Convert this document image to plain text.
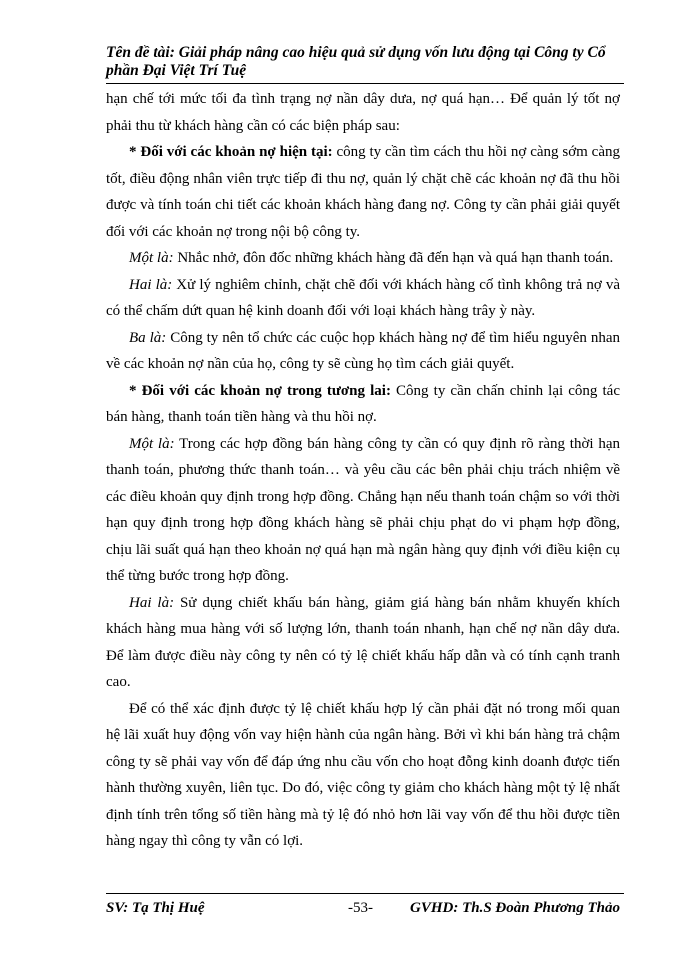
Tên đề tài: Giải pháp nâng cao hiệu quả sử dụng vốn lưu động tại Công ty Cổ phần Đại Việt Trí Tuệ

hạn chế tới mức tối đa tình trạng nợ nần dây dưa, nợ quá hạn… Để quản lý tốt nợ phải thu từ khách hàng cần có các biện pháp sau:

* Đối với các khoản nợ hiện tại: công ty cần tìm cách thu hồi nợ càng sớm càng tốt, điều động nhân viên trực tiếp đi thu nợ, quản lý chặt chẽ các khoản nợ đã thu hồi được và tính toán chi tiết các khoản khách hàng đang nợ. Công ty cần phải giải quyết đối với các khoản nợ trong nội bộ công ty.

Một là: Nhắc nhở, đôn đốc những khách hàng đã đến hạn và quá hạn thanh toán.

Hai là: Xử lý nghiêm chỉnh, chặt chẽ đối với khách hàng cố tình không trả nợ và có thể chấm dứt quan hệ kinh doanh đối với loại khách hàng trây ỳ này.

Ba là: Công ty nên tổ chức các cuộc họp khách hàng nợ để tìm hiểu nguyên nhan về các khoản nợ nần của họ, công ty sẽ cùng họ tìm cách giải quyết.

* Đối với các khoản nợ trong tương lai: Công ty cần chấn chỉnh lại công tác bán hàng, thanh toán tiền hàng và thu hồi nợ.

Một là: Trong các hợp đồng bán hàng công ty cần có quy định rõ ràng thời hạn thanh toán, phương thức thanh toán… và yêu cầu các bên phải chịu trách nhiệm về các điều khoản quy định trong hợp đồng. Chẳng hạn nếu thanh toán chậm so với thời hạn quy định trong hợp đồng khách hàng sẽ phải chịu phạt do vi phạm hợp đồng, chịu lãi suất quá hạn theo khoản nợ quá hạn mà ngân hàng quy định với điều kiện cụ thể từng bước trong hợp đồng.

Hai là: Sử dụng chiết khấu bán hàng, giảm giá hàng bán nhằm khuyến khích khách hàng mua hàng với số lượng lớn, thanh toán nhanh, hạn chế nợ nần dây dưa. Để làm được điều này công ty nên có tỷ lệ chiết khấu hấp dẫn và có tính cạnh tranh cao.

Để có thể xác định được tỷ lệ chiết khấu hợp lý cần phải đặt nó trong mối quan hệ lãi xuất huy động vốn vay hiện hành của ngân hàng. Bởi vì khi bán hàng trả chậm công ty sẽ phải vay vốn để đáp ứng nhu cầu vốn cho hoạt đỗng kinh doanh được tiến hành thường xuyên, liên tục. Do đó, việc công ty giảm cho khách hàng một tỷ lệ nhất định tính trên tổng số tiền hàng mà tỷ lệ đó nhỏ hơn lãi vay vốn để thu hồi được tiền hàng ngay thì công ty vẫn có lợi.

SV: Tạ Thị Huệ	-53- GVHD: Th.S Đoàn Phương Thảo
